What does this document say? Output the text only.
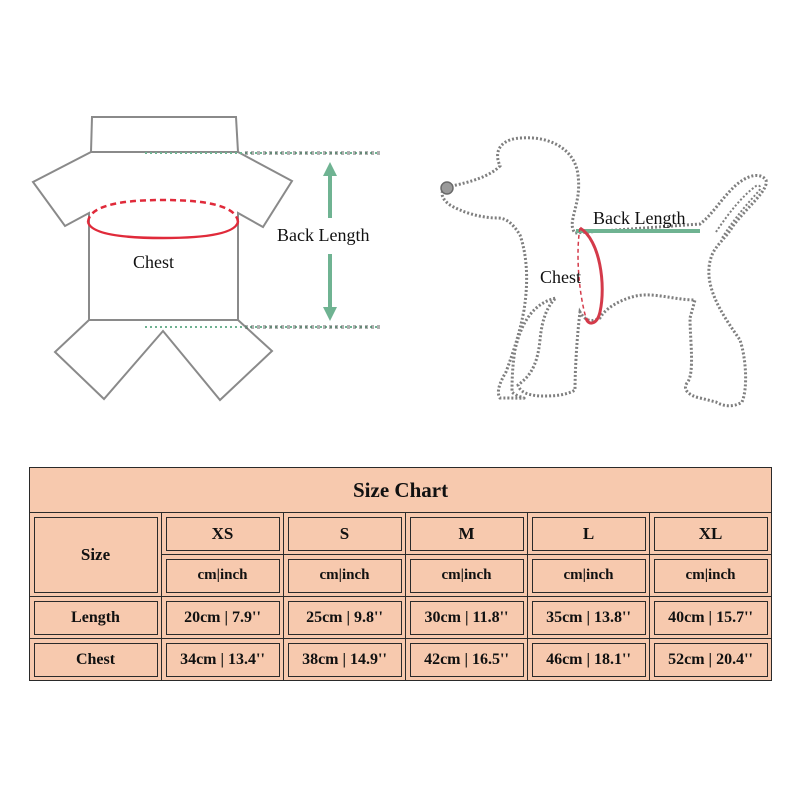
Chest
Back Length
Back Length
Chest
Size Chart					
Size	XS	S	M	L	XL
	cm|inch	cm|inch	cm|inch	cm|inch	cm|inch
Length	20cm | 7.9''	25cm | 9.8''	30cm | 11.8''	35cm | 13.8''	40cm | 15.7''
Chest	34cm | 13.4''	38cm | 14.9''	42cm | 16.5''	46cm | 18.1''	52cm | 20.4''
